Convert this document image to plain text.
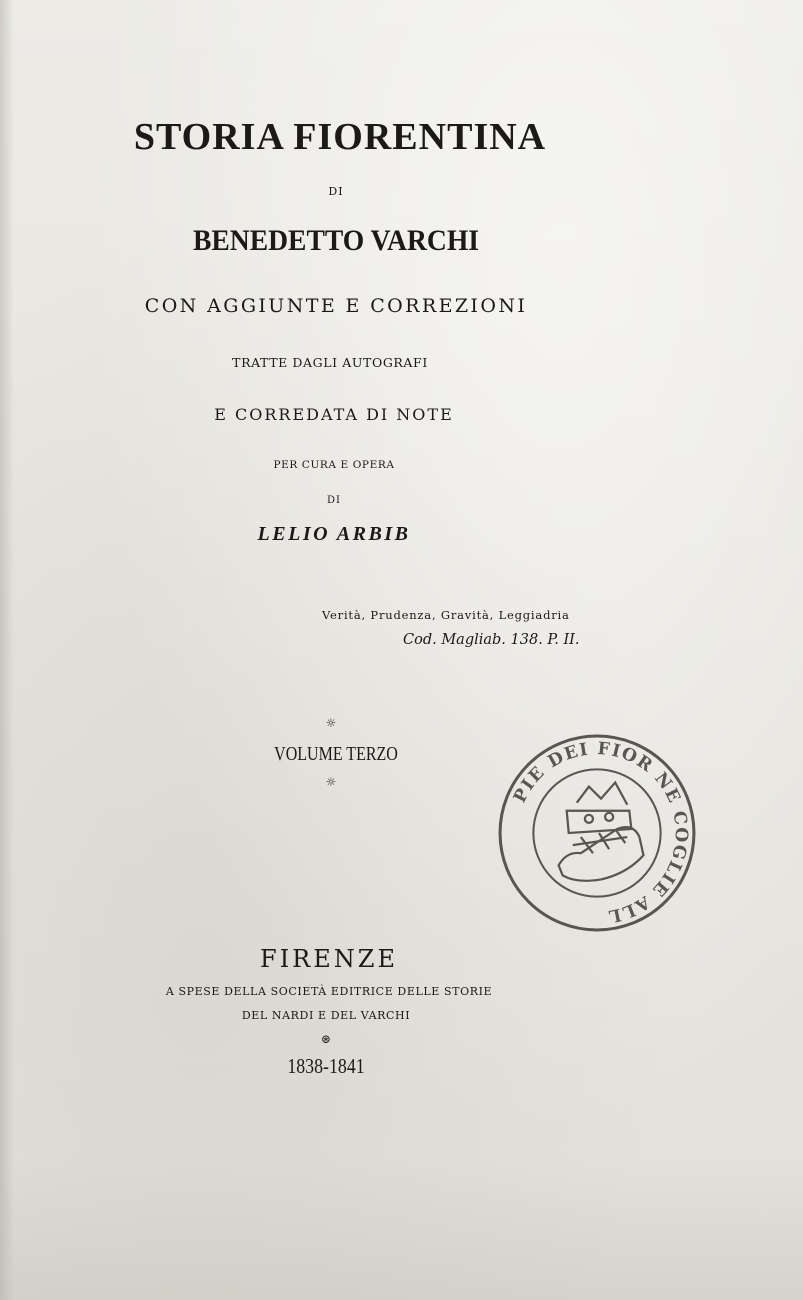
STORIA FIORENTINA
DI
BENEDETTO VARCHI
CON AGGIUNTE E CORREZIONI
TRATTE DAGLI AUTOGRAFI
E CORREDATA DI NOTE
PER CURA E OPERA
DI
LELIO ARBIB
Verità, Prudenza, Gravità, Leggiadria
Cod. Magliab. 138. P. II.
☼
VOLUME TERZO
☼
FIRENZE
A SPESE DELLA SOCIETÀ EDITRICE DELLE STORIE
DEL NARDI E DEL VARCHI
⊛
1838-1841
PIE DEI FIOR NE COGLIE ALL
